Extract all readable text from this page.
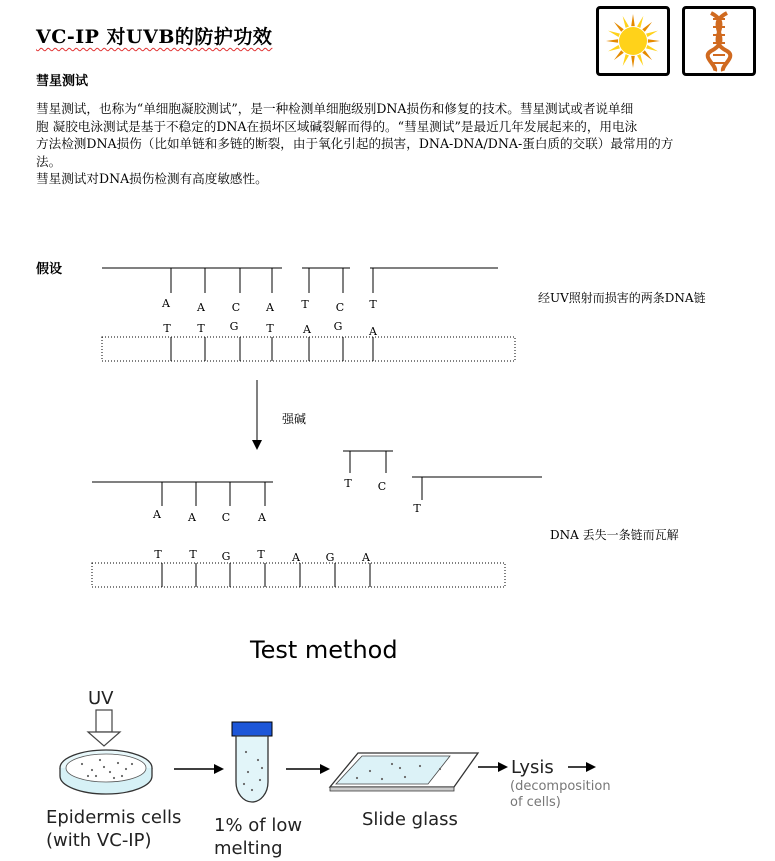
VC-IP 对UVB的防护功效
彗星测试

彗星测试，也称为“单细胞凝胶测试”，是一种检测单细胞级别DNA损伤和修复的技术。彗星测试或者说单细

胞 凝胶电泳测试是基于不稳定的DNA在损坏区域碱裂解而得的。“彗星测试”是最近几年发展起来的，用电泳

方法检测DNA损伤（比如单链和多链的断裂，由于氧化引起的损害，DNA-DNA/DNA-蛋白质的交联）最常用的方

法。

彗星测试对DNA损伤检测有高度敏感性。

假设
A A C A T C T
T T G	T	A G A
A A C	A
T C
T
T	T G T A G	A
经UV照射而损害的两条DNA链
强碱
DNA 丢失一条链而瓦解
Test method
UV
Epidermis cells
(with VC-IP)
1% of low
melting
Slide glass
Lysis
(decomposition
of cells)
